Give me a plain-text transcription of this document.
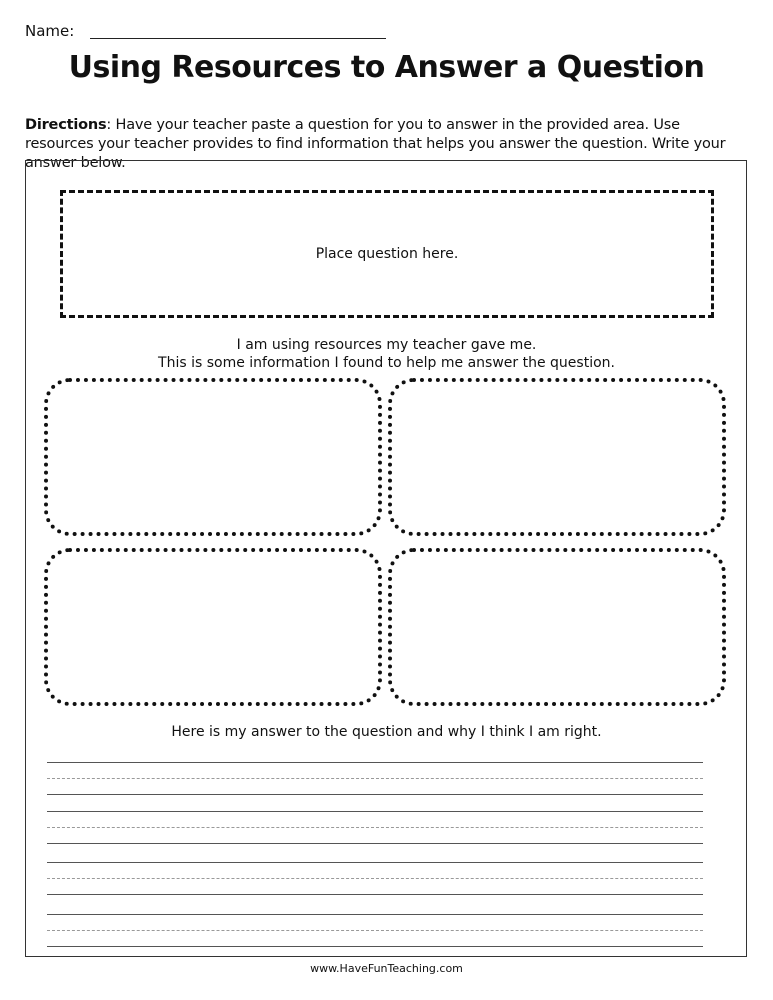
Name:
Using Resources to Answer a Question
Directions: Have your teacher paste a question for you to answer in the provided area. Use resources your teacher provides to find information that helps you answer the question. Write your answer below.
Place question here.
I am using resources my teacher gave me.
This is some information I found to help me answer the question.
Here is my answer to the question and why I think I am right.
www.HaveFunTeaching.com
